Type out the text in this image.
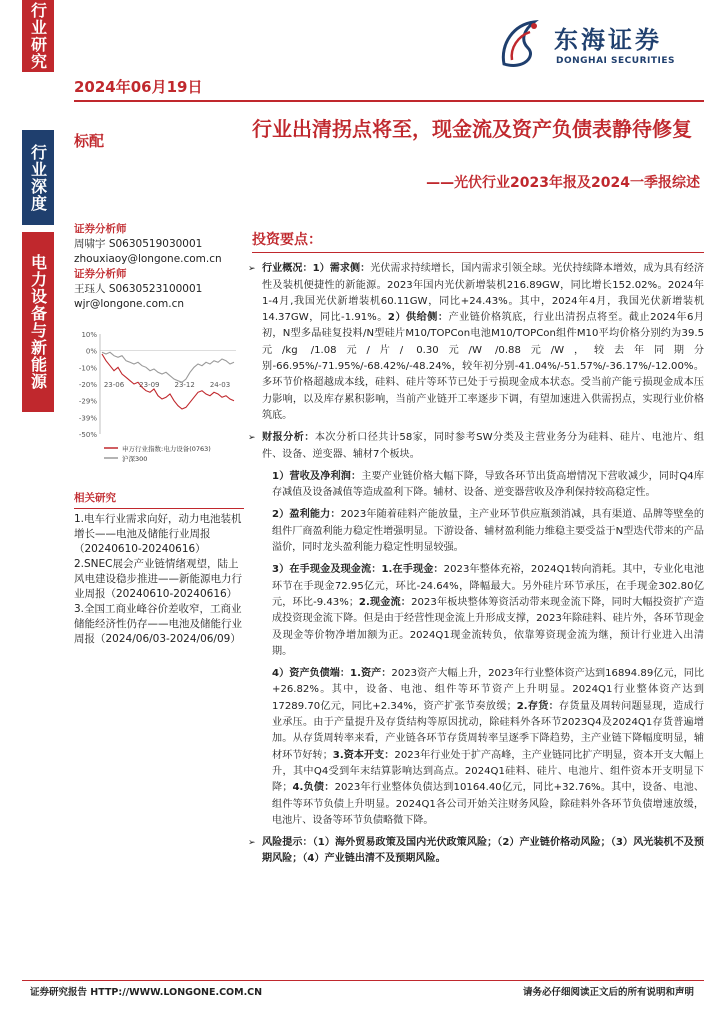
行业研究
行业深度
电力设备与新能源
2024年06月19日
东海证券
DONGHAI SECURITIES
标配	行业出清拐点将至，现金流及资产负债表静待修复
——光伏行业2023年报及2024一季报综述
证券分析师
周啸宇 S0630519030001
zhouxiaoy@longone.com.cn
证券分析师
王珏人 S0630523100001
wjr@longone.com.cn
10%
0%
-10%
-20%
-29%
-39%
-50%
23-06 23-09 23-12 24-03
申万行业指数:电力设备(0763)
沪深300
相关研究
1.电车行业需求向好，动力电池装机增长——电池及储能行业周报（20240610-20240616）
2.SNEC展会产业链情绪观望，陆上风电建设稳步推进——新能源电力行业周报（20240610-20240616）
3.全国工商业峰谷价差收窄，工商业储能经济性仍存——电池及储能行业周报（2024/06/03-2024/06/09）
投资要点：

➢ 行业概况：1）需求侧：光伏需求持续增长，国内需求引领全球。光伏持续降本增效，成为具有经济性及装机便捷性的新能源。2023年国内光伏新增装机216.89GW，同比增长152.02%。2024年1-4月,我国光伏新增装机60.11GW，同比+24.43%。其中，2024年4月，我国光伏新增装机14.37GW，同比-1.91%。2）供给侧：产业链价格筑底，行业出清拐点将至。截止2024年6月初，N型多晶硅复投料/N型硅片M10/TOPCon电池M10/TOPCon组件M10平均价格分别约为39.5元/kg /1.08元/片/ 0.30元/W /0.88元/W，较去年同期分别-66.95%/-71.95%/-68.42%/-48.24%，较年初分别-41.04%/-51.57%/-36.17%/-12.00%。多环节价格超越成本线，硅料、硅片等环节已处于亏损现金成本状态。受当前产能亏损现金成本压力影响，以及库存累积影响，当前产业链开工率逐步下调，有望加速进入供需拐点，实现行业价格筑底。

➢ 财报分析：本次分析口径共计58家，同时参考SW分类及主营业务分为硅料、硅片、电池片、组件、设备、逆变器、辅材7个板块。

1）营收及净利润：主要产业链价格大幅下降，导致各环节出货高增情况下营收减少，同时Q4库存减值及设备减值等造成盈利下降。辅材、设备、逆变器营收及净利保持较高稳定性。

2）盈利能力：2023年随着硅料产能放量，主产业环节供应瓶颈消减，具有渠道、品牌等壁垒的组件厂商盈利能力稳定性增强明显。下游设备、辅材盈利能力维稳主要受益于N型迭代带来的产品溢价，同时龙头盈利能力稳定性明显较强。

3）在手现金及现金流：1.在手现金：2023年整体充裕，2024Q1转向消耗。其中，专业化电池环节在手现金72.95亿元，环比-24.64%，降幅最大。另外硅片环节承压，在手现金302.80亿元，环比-9.43%；2.现金流：2023年板块整体筹资活动带来现金流下降，同时大幅投资扩产造成投资现金流下降。但是由于经营性现金流上升形成支撑，2023年除硅料、硅片外，各环节现金及现金等价物净增加额为正。2024Q1现金流转负，依靠筹资现金流为继，预计行业进入出清期。

4）资产负债端：1.资产：2023资产大幅上升，2023年行业整体资产达到16894.89亿元，同比+26.82%。其中，设备、电池、组件等环节资产上升明显。2024Q1行业整体资产达到17289.70亿元，同比+2.34%，资产扩张节奏放缓；2.存货：存货量及周转问题显现，造成行业承压。由于产量提升及存货结构等原因扰动，除硅料外各环节2023Q4及2024Q1存货普遍增加。从存货周转率来看，产业链各环节存货周转率呈逐季下降趋势，主产业链下降幅度明显，辅材环节好转；3.资本开支：2023年行业处于扩产高峰，主产业链同比扩产明显，资本开支大幅上升，其中Q4受到年末结算影响达到高点。2024Q1硅料、硅片、电池片、组件资本开支明显下降；4.负债：2023年行业整体负债达到10164.40亿元，同比+32.76%。其中，设备、电池、组件等环节负债上升明显。2024Q1各公司开始关注财务风险，除硅料外各环节负债增速放缓，电池片、设备等环节负债略微下降。

➢ 风险提示：（1）海外贸易政策及国内光伏政策风险；（2）产业链价格动风险；（3）风光装机不及预期风险；（4）产业链出清不及预期风险。

证券研究报告 HTTP://WWW.LONGONE.COM.CN	请务必仔细阅读正文后的所有说明和声明
